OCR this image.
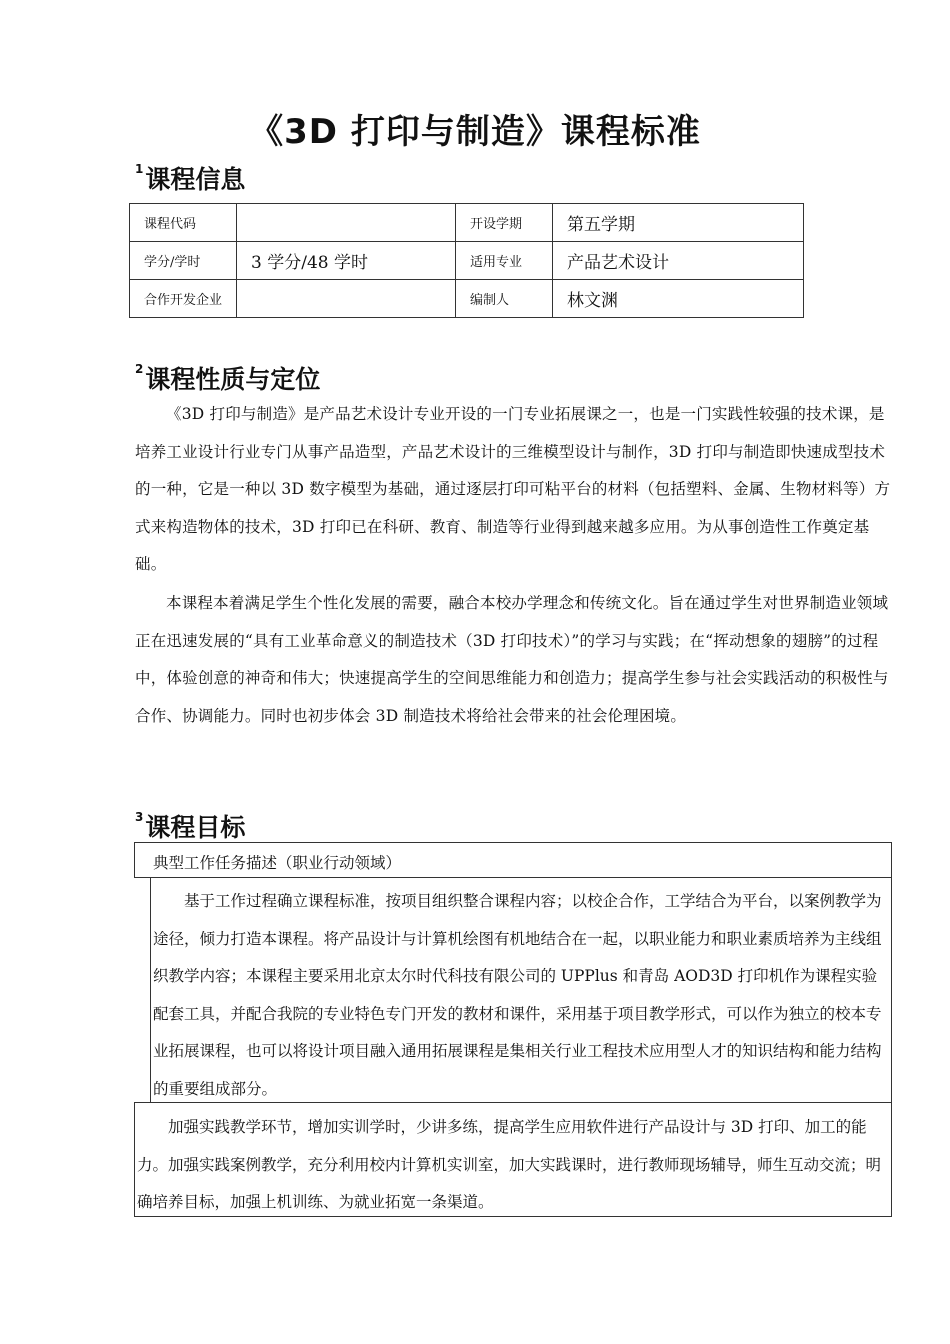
《3D 打印与制造》课程标准
$^1$课程信息
课程代码		开设学期	第五学期
学分/学时	3 学分/48 学时	适用专业	产品艺术设计
合作开发企业		编制人	林文渊
$^2$课程性质与定位

《3D 打印与制造》是产品艺术设计专业开设的一门专业拓展课之一，也是一门实践性较强的技术课，是培养工业设计行业专门从事产品造型，产品艺术设计的三维模型设计与制作，3D 打印与制造即快速成型技术的一种，它是一种以 3D 数字模型为基础，通过逐层打印可粘平台的材料（包括塑料、金属、生物材料等）方式来构造物体的技术，3D 打印已在科研、教育、制造等行业得到越来越多应用。为从事创造性工作奠定基础。

本课程本着满足学生个性化发展的需要，融合本校办学理念和传统文化。旨在通过学生对世界制造业领域正在迅速发展的“具有工业革命意义的制造技术（3D 打印技术）”的学习与实践；在“挥动想象的翅膀”的过程中，体验创意的神奇和伟大；快速提高学生的空间思维能力和创造力；提高学生参与社会实践活动的积极性与合作、协调能力。同时也初步体会 3D 制造技术将给社会带来的社会伦理困境。

$^3$课程目标
典型工作任务描述（职业行动领域）

基于工作过程确立课程标准，按项目组织整合课程内容；以校企合作，工学结合为平台，以案例教学为途径，倾力打造本课程。将产品设计与计算机绘图有机地结合在一起，以职业能力和职业素质培养为主线组织教学内容；本课程主要采用北京太尔时代科技有限公司的 UPPlus 和青岛 AOD3D 打印机作为课程实验配套工具，并配合我院的专业特色专门开发的教材和课件，采用基于项目教学形式，可以作为独立的校本专业拓展课程，也可以将设计项目融入通用拓展课程是集相关行业工程技术应用型人才的知识结构和能力结构的重要组成部分。

加强实践教学环节，增加实训学时，少讲多练，提高学生应用软件进行产品设计与 3D 打印、加工的能力。加强实践案例教学，充分利用校内计算机实训室，加大实践课时，进行教师现场辅导，师生互动交流；明确培养目标，加强上机训练、为就业拓宽一条渠道。
